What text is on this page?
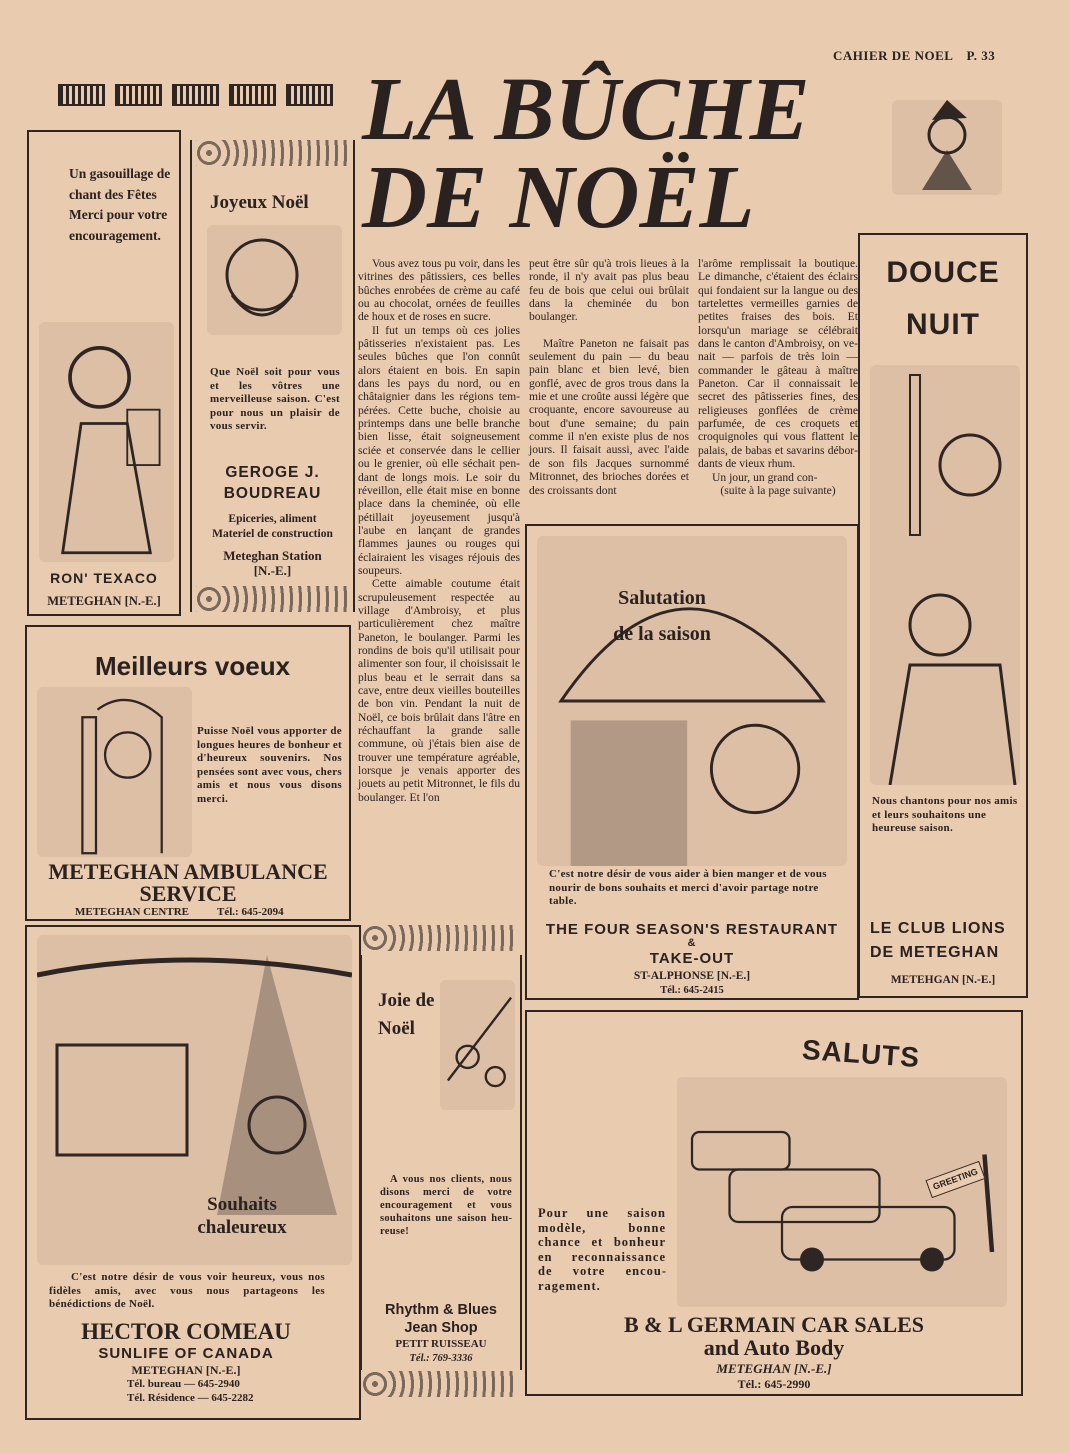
CAHIER DE NOEL P. 33
LA BÛCHE
DE NOËL
Un gasouillage de chant des Fêtes Merci pour votre encouragement.
RON' TEXACO
METEGHAN [N.-E.]
Joyeux Noël
Que Noël soit pour vous et les vôtres une merveilleuse saison. C'est pour nous un plaisir de vous servir.
GEROGE J.
BOUDREAU
Epiceries, aliment
Materiel de construction
Meteghan Station
[N.-E.]

Vous avez tous pu voir, dans les vitrines des pâtissiers, ces belles bûches enrobées de crème au café ou au chocolat, ornées de feuilles de houx et de roses en sucre.

Il fut un temps où ces jolies pâtisseries n'existaient pas. Les seules bûches que l'on connût alors étaient en bois. En sapin dans les pays du nord, ou en châtaignier dans les régions tempérées. Cette buche, choisie au printemps dans une belle branche bien lisse, était soigneusement sciée et conservée dans le cellier ou le grenier, où elle séchait pendant de longs mois. Le soir du réveillon, elle était mise en bonne place dans la cheminée, où elle pétillait joyeusement jusqu'à l'aube en lançant de grandes flammes jaunes ou rouges qui éclairaient les visages réjouis des soupeurs.

Cette aimable coutume était scrupuleusement respectée au village d'Ambroisy, et plus particulièrement chez maître Paneton, le boulanger. Parmi les rondins de bois qu'il utilisait pour alimenter son four, il choisissait le plus beau et le serrait dans sa cave, entre deux vieilles bouteilles de bon vin. Pendant la nuit de Noël, ce bois brûlait dans l'âtre en réchauffant la grande salle commune, où j'étais bien aise de trouver une température agréable, lorsque je venais apporter des jouets au petit Mitronnet, le fils du boulanger. Et l'on

peut être sûr qu'à trois lieues à la ronde, il n'y avait pas plus beau feu de bois que celui oui brûlait dans la cheminée du bon boulanger.

Maître Paneton ne faisait pas seulement du pain — du beau pain blanc et bien levé, bien gonflé, avec de gros trous dans la mie et une croûte aussi légère que croquante, encore savoureuse au bout d'une semaine; du pain comme il n'en existe plus de nos jours. Il faisait aussi, avec l'aide de son fils Jacques surnommé Mitronnet, des brioches dorées et des croissants dont

l'arôme remplissait la boutique. Le dimanche, c'étaient des éclairs qui fondaient sur la langue ou des tartelettes vermeilles garnies de petites fraises des bois. Et lorsqu'un mariage se célébrait dans le canton d'Ambroisy, on venait — parfois de très loin — commander le gâteau à maître Paneton. Car il connaissait le secret des pâtisseries fines, des religieuses gonflées de crème parfumée, de ces croquets et croquignoles qui vous flattent le palais, de babas et savarins débordants de vieux rhum.

Un jour, un grand con-

(suite à la page suivante)
Salutation
de la saison
C'est notre désir de vous aider à bien manger et de vous nourir de bons souhaits et merci d'avoir partage notre table.
THE FOUR SEASON'S RESTAURANT
&
TAKE-OUT
ST-ALPHONSE [N.-E.]
Tél.: 645-2415
DOUCE
NUIT
Nous chantons pour nos amis et leurs souhaitons une heureuse saison.
LE CLUB LIONS
DE METEGHAN
METEHGAN [N.-E.]
Meilleurs voeux
Puisse Noël vous apporter de longues heures de bonheur et d'heureux souvenirs. Nos pensées sont avec vous, chers amis et nous vous disons merci.
METEGHAN AMBULANCE
SERVICE
METEGHAN CENTRE	Tél.: 645-2094
Souhaits
chaleureux
C'est notre désir de vous voir heureux, vous nos fidèles amis, avec vous nous partageons les bénédictions de Noël.
HECTOR COMEAU
SUNLIFE OF CANADA
METEGHAN [N.-E.]
Tél. bureau — 645-2940
Tél. Résidence — 645-2282
Joie de
Noël
A vous nos clients, nous disons merci de votre encouragement et vous souhaitons une saison heureuse!
Rhythm & Blues
Jean Shop
PETIT RUISSEAU
Tél.: 769-3336
SALUTS
GREETING
Pour une saison modèle, bonne chance et bonheur en reconnaissance de votre encouragement.
B & L GERMAIN CAR SALES
and Auto Body
METEGHAN [N.-E.]
Tél.: 645-2990
